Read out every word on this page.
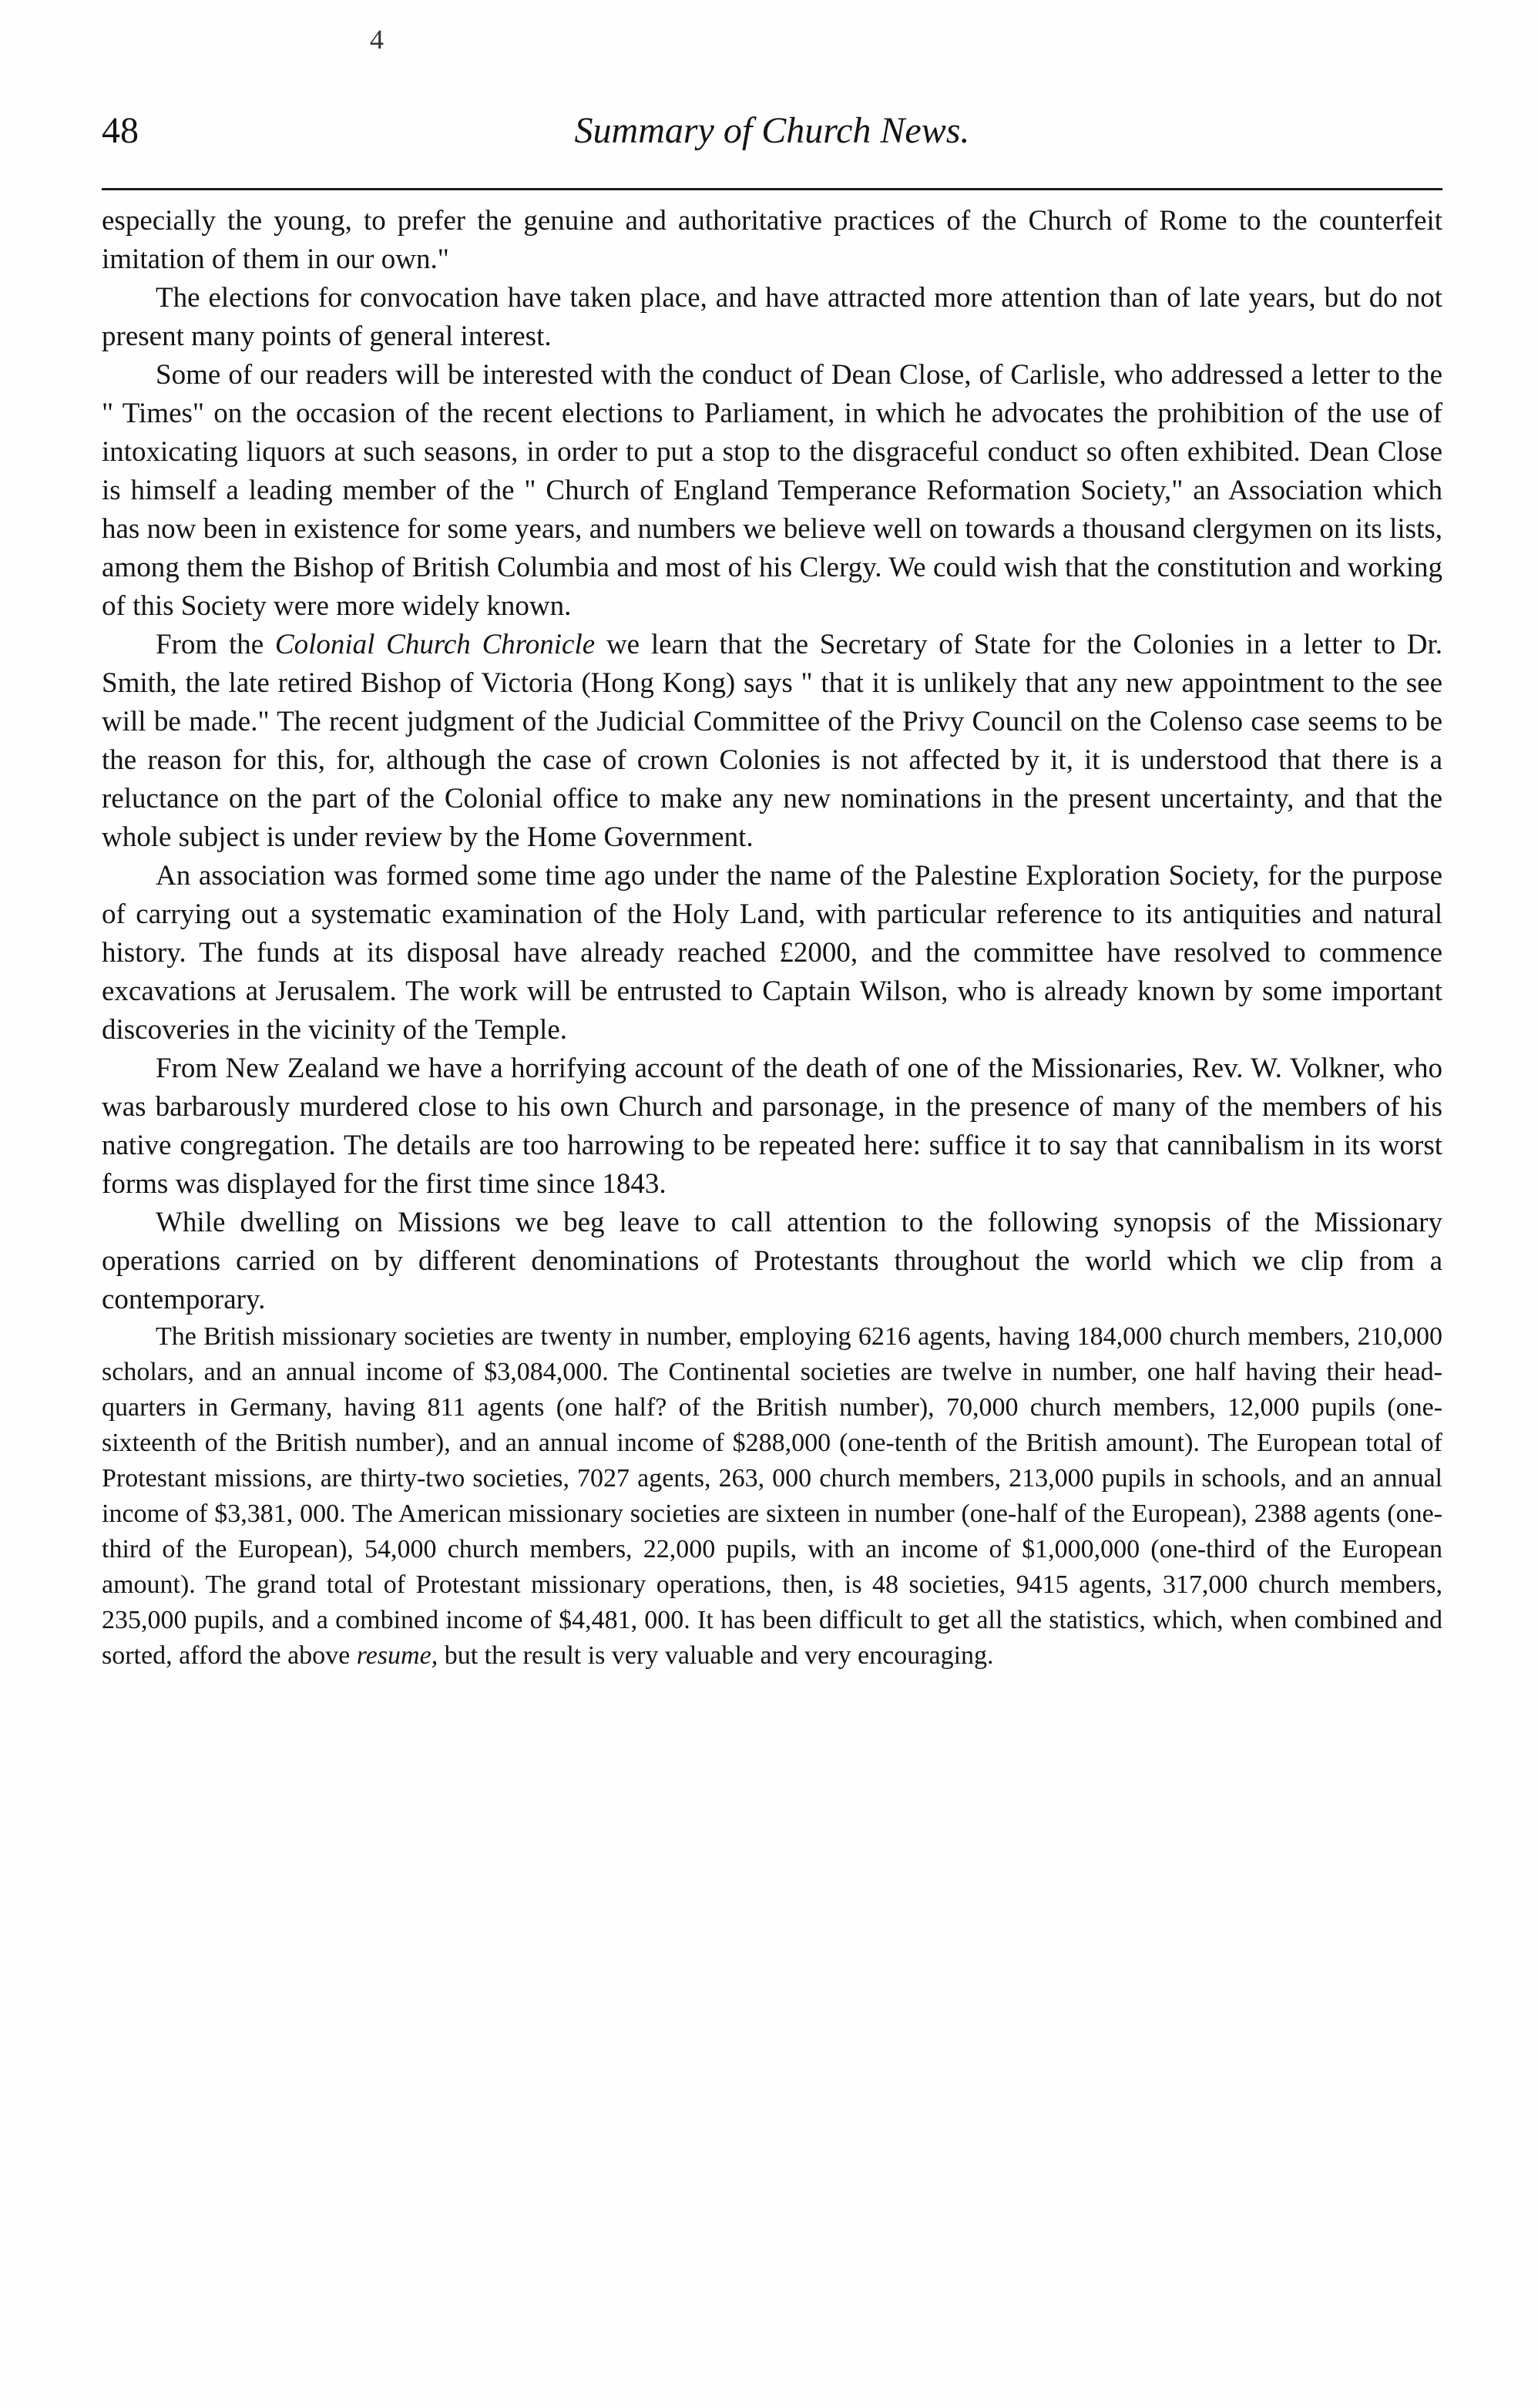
4
48	Summary of Church News.

especially the young, to prefer the genuine and authoritative practices of the Church of Rome to the counterfeit imitation of them in our own."

The elections for convocation have taken place, and have attracted more attention than of late years, but do not present many points of general interest.

Some of our readers will be interested with the conduct of Dean Close, of Carlisle, who addressed a letter to the " Times" on the occasion of the recent elections to Parliament, in which he advocates the prohibition of the use of intoxicating liquors at such seasons, in order to put a stop to the disgraceful conduct so often exhibited. Dean Close is himself a leading member of the " Church of England Temperance Reformation Society," an Association which has now been in existence for some years, and numbers we believe well on towards a thousand clergymen on its lists, among them the Bishop of British Columbia and most of his Clergy. We could wish that the constitution and working of this Society were more widely known.

From the Colonial Church Chronicle we learn that the Secretary of State for the Colonies in a letter to Dr. Smith, the late retired Bishop of Victoria (Hong Kong) says " that it is unlikely that any new appointment to the see will be made." The recent judgment of the Judicial Committee of the Privy Council on the Colenso case seems to be the reason for this, for, although the case of crown Colonies is not affected by it, it is understood that there is a reluctance on the part of the Colonial office to make any new nominations in the present uncertainty, and that the whole subject is under review by the Home Government.

An association was formed some time ago under the name of the Palestine Exploration Society, for the purpose of carrying out a systematic examination of the Holy Land, with particular reference to its antiquities and natural history. The funds at its disposal have already reached £2000, and the committee have resolved to commence excavations at Jerusalem. The work will be entrusted to Captain Wilson, who is already known by some important discoveries in the vicinity of the Temple.

From New Zealand we have a horrifying account of the death of one of the Missionaries, Rev. W. Volkner, who was barbarously murdered close to his own Church and parsonage, in the presence of many of the members of his native congregation. The details are too harrowing to be repeated here: suffice it to say that cannibalism in its worst forms was displayed for the first time since 1843.

While dwelling on Missions we beg leave to call attention to the following synopsis of the Missionary operations carried on by different denominations of Protestants throughout the world which we clip from a contemporary.

The British missionary societies are twenty in number, employing 6216 agents, having 184,000 church members, 210,000 scholars, and an annual income of $3,084,000. The Continental societies are twelve in number, one half having their head-quarters in Germany, having 811 agents (one half? of the British number), 70,000 church members, 12,000 pupils (one-sixteenth of the British number), and an annual income of $288,000 (one-tenth of the British amount). The European total of Protestant missions, are thirty-two societies, 7027 agents, 263, 000 church members, 213,000 pupils in schools, and an annual income of $3,381, 000. The American missionary societies are sixteen in number (one-half of the European), 2388 agents (one-third of the European), 54,000 church members, 22,000 pupils, with an income of $1,000,000 (one-third of the European amount). The grand total of Protestant missionary operations, then, is 48 societies, 9415 agents, 317,000 church members, 235,000 pupils, and a combined income of $4,481, 000. It has been difficult to get all the statistics, which, when combined and sorted, afford the above resume, but the result is very valuable and very encouraging.
